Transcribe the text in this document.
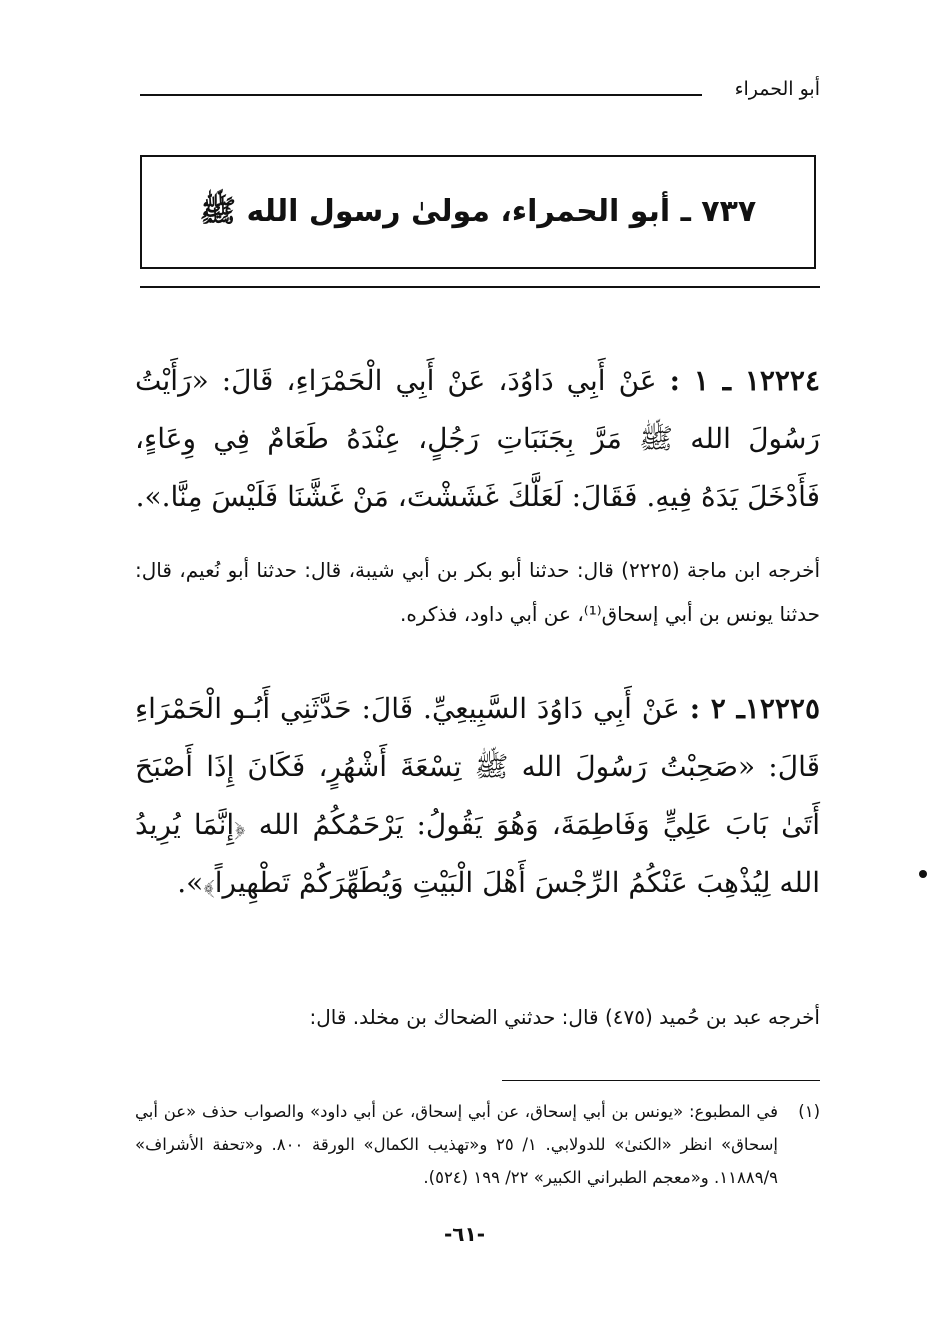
أبو الحمراء
٧٣٧ ـ أبو الحمراء، مولىٰ رسول الله ﷺ
١٢٢٢٤ ـ ١ : عَنْ أَبِي دَاوُدَ، عَنْ أَبِي الْحَمْرَاءِ، قَالَ: «رَأَيْتُ رَسُولَ الله ﷺ مَرَّ بِجَنَبَاتِ رَجُلٍ، عِنْدَهُ طَعَامٌ فِي وِعَاءٍ، فَأَدْخَلَ يَدَهُ فِيهِ. فَقَالَ: لَعَلَّكَ غَشَشْتَ، مَنْ غَشَّنَا فَلَيْسَ مِنَّا.».
أخرجه ابن ماجة (٢٢٢٥) قال: حدثنا أبو بكر بن أبي شيبة، قال: حدثنا أبو نُعيم، قال: حدثنا يونس بن أبي إسحاق⁽¹⁾، عن أبي داود، فذكره.
١٢٢٢٥ـ ٢ : عَنْ أَبِي دَاوُدَ السَّبِيعِيِّ. قَالَ: حَدَّثَنِي أَبُـو الْحَمْرَاءِ قَالَ: «صَحِبْتُ رَسُولَ الله ﷺ تِسْعَةَ أَشْهُرٍ، فَكَانَ إِذَا أَصْبَحَ أَتَىٰ بَابَ عَلِيٍّ وَفَاطِمَةَ، وَهُوَ يَقُولُ: يَرْحَمُكُمُ الله ﴿إِنَّمَا يُرِيدُ الله لِيُذْهِبَ عَنْكُمُ الرِّجْسَ أَهْلَ الْبَيْتِ وَيُطَهِّرَكُمْ تَطْهِيراً﴾».
أخرجه عبد بن حُميد (٤٧٥) قال: حدثني الضحاك بن مخلد. قال:
(١)
في المطبوع: «يونس بن أبي إسحاق، عن أبي إسحاق، عن أبي داود» والصواب حذف «عن أبي إسحاق» انظر «الكنىٰ» للدولابي. ١/ ٢٥ و«تهذيب الكمال» الورقة ٨٠٠. و«تحفة الأشراف» ١١٨٨٩/٩. و«معجم الطبراني الكبير» ٢٢/ ١٩٩ (٥٢٤).
-٦١-
